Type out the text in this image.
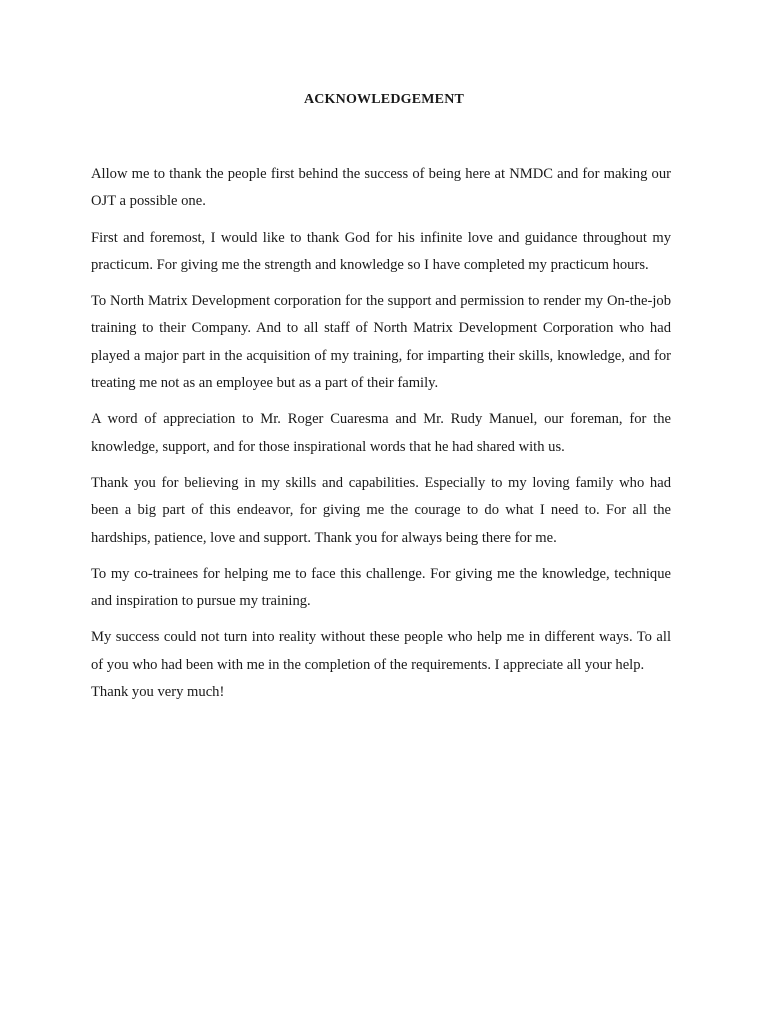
ACKNOWLEDGEMENT

Allow me to thank the people first behind the success of being here at NMDC and for making our OJT a possible one.

First and foremost, I would like to thank God for his infinite love and guidance throughout my practicum. For giving me the strength and knowledge so I have completed my practicum hours.

To North Matrix Development corporation for the support and permission to render my On-the-job training to their Company. And to all staff of North Matrix Development Corporation who had played a major part in the acquisition of my training, for imparting their skills, knowledge, and for treating me not as an employee but as a part of their family.

A word of appreciation to Mr. Roger Cuaresma and Mr. Rudy Manuel, our foreman, for the knowledge, support, and for those inspirational words that he had shared with us.

Thank you for believing in my skills and capabilities. Especially to my loving family who had been a big part of this endeavor, for giving me the courage to do what I need to. For all the hardships, patience, love and support. Thank you for always being there for me.

To my co-trainees for helping me to face this challenge. For giving me the knowledge, technique and inspiration to pursue my training.

My success could not turn into reality without these people who help me in different ways. To all of you who had been with me in the completion of the requirements. I appreciate all your help.

Thank you very much!
